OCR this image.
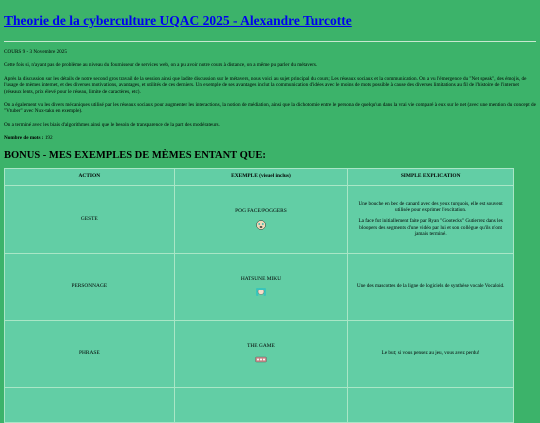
Theorie de la cyberculture UQAC 2025 - Alexandre Turcotte

COURS 9 - 3 Novembre 2025

Cette fois si, n'ayant pas de problème au niveau du fournisseur de services web, on a pu avoir notre cours à distance, on a même pu parler du métavers.

Après la discussion sur les détails de notre second gros travail de la session ainsi que ladite discussion sur le métavers, nous voici au sujet principal du cours; Les réseaux sociaux et la communication. On a vu l'émergence du "Net speak", des émojis, de l'usage de mèmes internet, et des diverses motivations, avantages, et utilités de ces derniers. Un exemple de ses avantages inclut la communication d'idées avec le moins de mots possible à cause des diverses limitations au fil de l'histoire de l'internet (réseaux lents, prix élevé pour le réseau, limite de caractères, etc).

On a également vu les divers mécaniques utilisé par les réseaux sociaux pour augmenter les interactions, la notion de médiation, ainsi que la dichotomie entre le persona de quelqu'un dans la vrai vie comparé à eux sur le net (avec une mention du concept de "Vtuber" avec Nux-taku en exemple).

On a terminé avec les biais d'algorithmes ainsi que le besoin de transparence de la part des modérateurs.

Nombre de mots : 192

BONUS - MES EXEMPLES DE MÈMES ENTANT QUE:
ACTION	EXEMPLE (visuel inclus)	SIMPLE EXPLICATION
GESTE	POG FACE/POGGERS	Une bouche en bec de canard avec des yeux turquois, elle est souvent utilisée pour exprimer l'excitation.

La face fut initiallement faite par Ryan "Gootecks" Gutierrez dans les bloopers des segments d'une vidéo par lui et son collègue qu'ils n'ont jamais terminé.

PERSONNAGE	HATSUNE MIKU	Une des mascottes de la ligne de logiciels de synthèse vocale Vocaloid.

PHRASE	THE GAME	Le but; si vous pensez au jeu, vous avez perdu!
